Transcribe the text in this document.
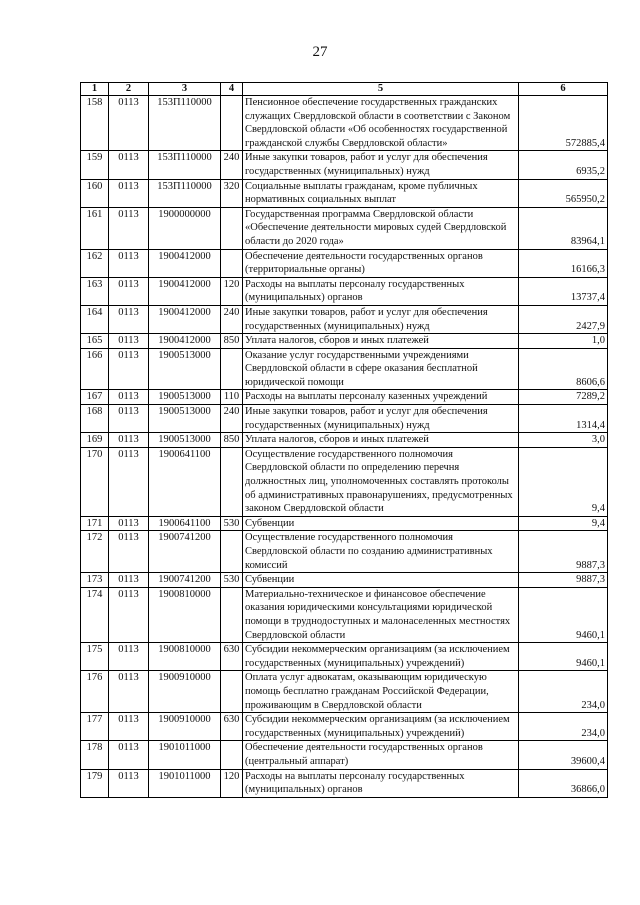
27
1	2	3	4	5	6
158	0113	153П110000		Пенсионное обеспечение государственных гражданских служащих Свердловской области в соответствии с Законом Свердловской области «Об особенностях государственной гражданской службы Свердловской области»	572885,4
159	0113	153П110000	240	Иные закупки товаров, работ и услуг для обеспечения государственных (муниципальных) нужд	6935,2
160	0113	153П110000	320	Социальные выплаты гражданам, кроме публичных нормативных социальных выплат	565950,2
161	0113	1900000000		Государственная программа Свердловской области «Обеспечение деятельности мировых судей Свердловской области до 2020 года»	83964,1
162	0113	1900412000		Обеспечение деятельности государственных органов (территориальные органы)	16166,3
163	0113	1900412000	120	Расходы на выплаты персоналу государственных (муниципальных) органов	13737,4
164	0113	1900412000	240	Иные закупки товаров, работ и услуг для обеспечения государственных (муниципальных) нужд	2427,9
165	0113	1900412000	850	Уплата налогов, сборов и иных платежей	1,0
166	0113	1900513000		Оказание услуг государственными учреждениями Свердловской области в сфере оказания бесплатной юридической помощи	8606,6
167	0113	1900513000	110	Расходы на выплаты персоналу казенных учреждений	7289,2
168	0113	1900513000	240	Иные закупки товаров, работ и услуг для обеспечения государственных (муниципальных) нужд	1314,4
169	0113	1900513000	850	Уплата налогов, сборов и иных платежей	3,0
170	0113	1900641100		Осуществление государственного полномочия Свердловской области по определению перечня должностных лиц, уполномоченных составлять протоколы об административных правонарушениях, предусмотренных законом Свердловской области	9,4
171	0113	1900641100	530	Субвенции	9,4
172	0113	1900741200		Осуществление государственного полномочия Свердловской области по созданию административных комиссий	9887,3
173	0113	1900741200	530	Субвенции	9887,3
174	0113	1900810000		Материально-техническое и финансовое обеспечение оказания юридическими консультациями юридической помощи в труднодоступных и малонаселенных местностях Свердловской области	9460,1
175	0113	1900810000	630	Субсидии некоммерческим организациям (за исключением государственных (муниципальных) учреждений)	9460,1
176	0113	1900910000		Оплата услуг адвокатам, оказывающим юридическую помощь бесплатно гражданам Российской Федерации, проживающим в Свердловской области	234,0
177	0113	1900910000	630	Субсидии некоммерческим организациям (за исключением государственных (муниципальных) учреждений)	234,0
178	0113	1901011000		Обеспечение деятельности государственных органов (центральный аппарат)	39600,4
179	0113	1901011000	120	Расходы на выплаты персоналу государственных (муниципальных) органов	36866,0
